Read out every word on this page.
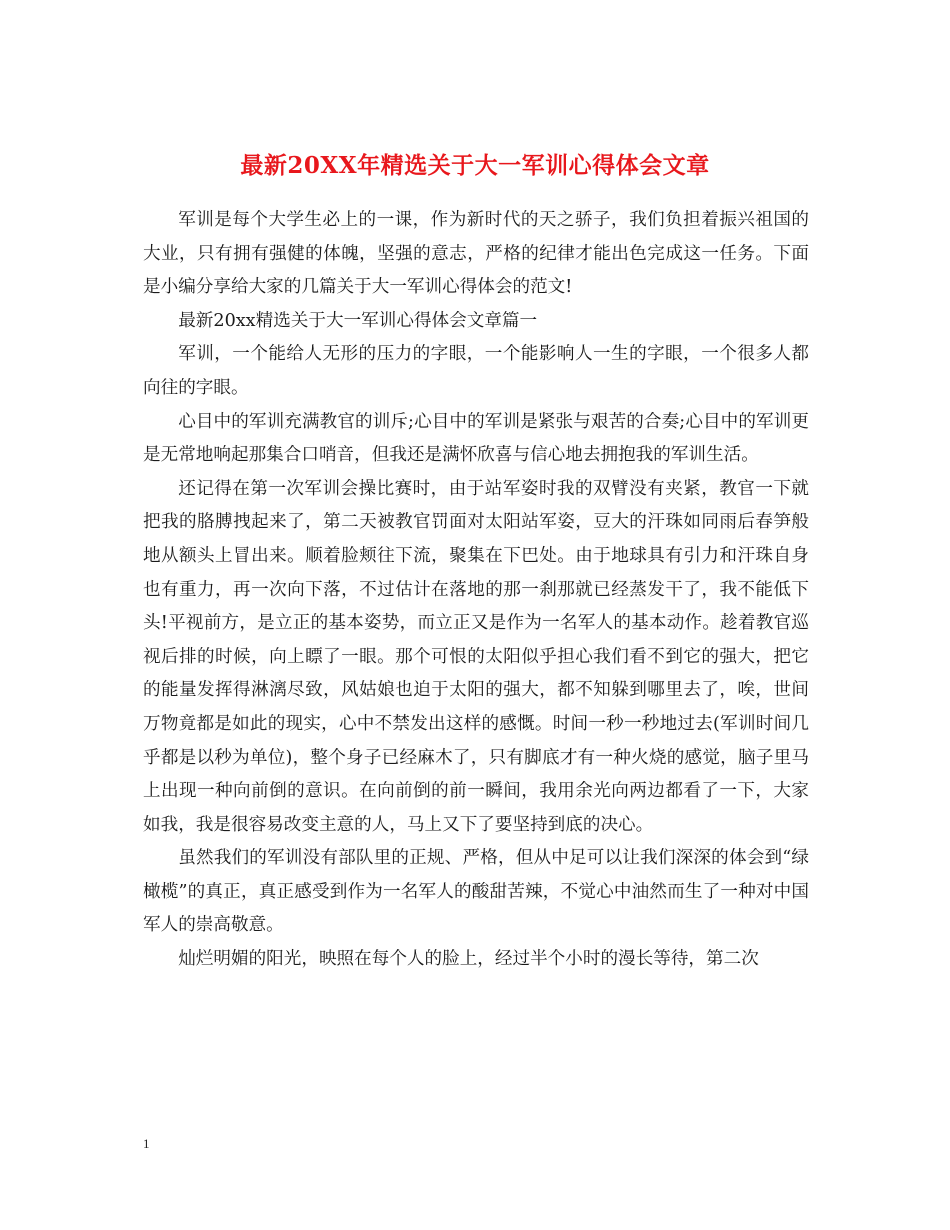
最新20XX年精选关于大一军训心得体会文章

军训是每个大学生必上的一课，作为新时代的天之骄子，我们负担着振兴祖国的大业，只有拥有强健的体魄，坚强的意志，严格的纪律才能出色完成这一任务。下面是小编分享给大家的几篇关于大一军训心得体会的范文!

最新20xx精选关于大一军训心得体会文章篇一

军训，一个能给人无形的压力的字眼，一个能影响人一生的字眼，一个很多人都向往的字眼。

心目中的军训充满教官的训斥;心目中的军训是紧张与艰苦的合奏;心目中的军训更是无常地响起那集合口哨音，但我还是满怀欣喜与信心地去拥抱我的军训生活。

还记得在第一次军训会操比赛时，由于站军姿时我的双臂没有夹紧，教官一下就把我的胳膊拽起来了，第二天被教官罚面对太阳站军姿，豆大的汗珠如同雨后春笋般地从额头上冒出来。顺着脸颊往下流，聚集在下巴处。由于地球具有引力和汗珠自身也有重力，再一次向下落，不过估计在落地的那一刹那就已经蒸发干了，我不能低下头!平视前方，是立正的基本姿势，而立正又是作为一名军人的基本动作。趁着教官巡视后排的时候，向上瞟了一眼。那个可恨的太阳似乎担心我们看不到它的强大，把它的能量发挥得淋漓尽致，风姑娘也迫于太阳的强大，都不知躲到哪里去了，唉，世间万物竟都是如此的现实，心中不禁发出这样的感慨。时间一秒一秒地过去(军训时间几乎都是以秒为单位)，整个身子已经麻木了，只有脚底才有一种火烧的感觉，脑子里马上出现一种向前倒的意识。在向前倒的前一瞬间，我用余光向两边都看了一下，大家如我，我是很容易改变主意的人，马上又下了要坚持到底的决心。

虽然我们的军训没有部队里的正规、严格，但从中足可以让我们深深的体会到“绿橄榄”的真正，真正感受到作为一名军人的酸甜苦辣，不觉心中油然而生了一种对中国军人的崇高敬意。

灿烂明媚的阳光，映照在每个人的脸上，经过半个小时的漫长等待，第二次

1
